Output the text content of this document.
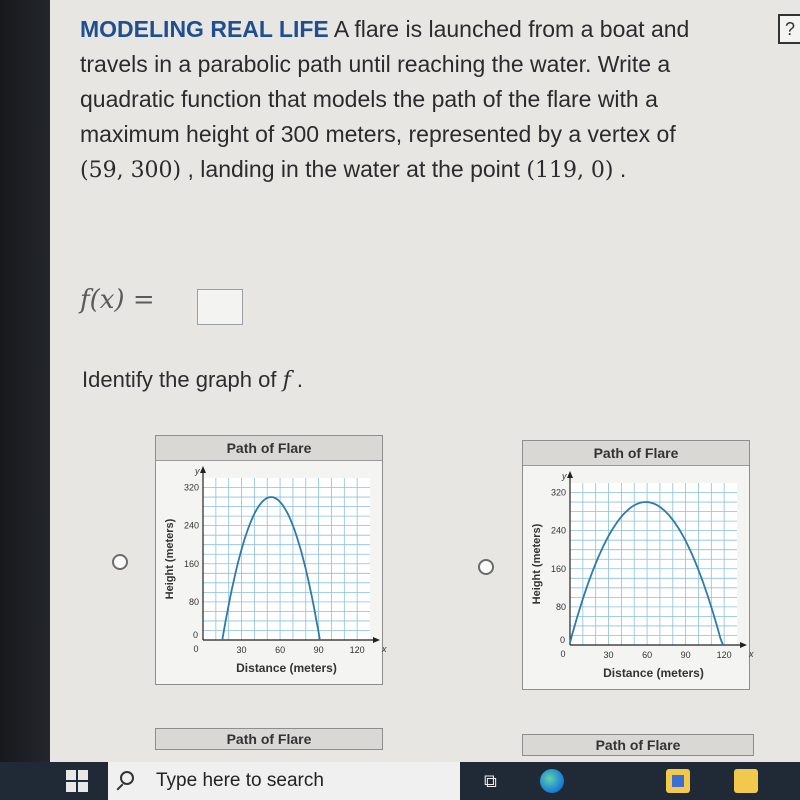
MODELING REAL LIFE A flare is launched from a boat and travels in a parabolic path until reaching the water. Write a quadratic function that models the path of the flare with a maximum height of 300 meters, represented by a vertex of (59, 300) , landing in the water at the point (119, 0) .
?
f(x) =
Identify the graph of f .
Path of Flare
30	60	90	120
0
80
160
240
320
0
x
y
Distance (meters)
Height (meters)
Path of Flare
30	60	90	120
0
80
160
240
320
0
x
y
Distance (meters)
Height (meters)
Path of Flare	Path of Flare
Type here to search	⧉
